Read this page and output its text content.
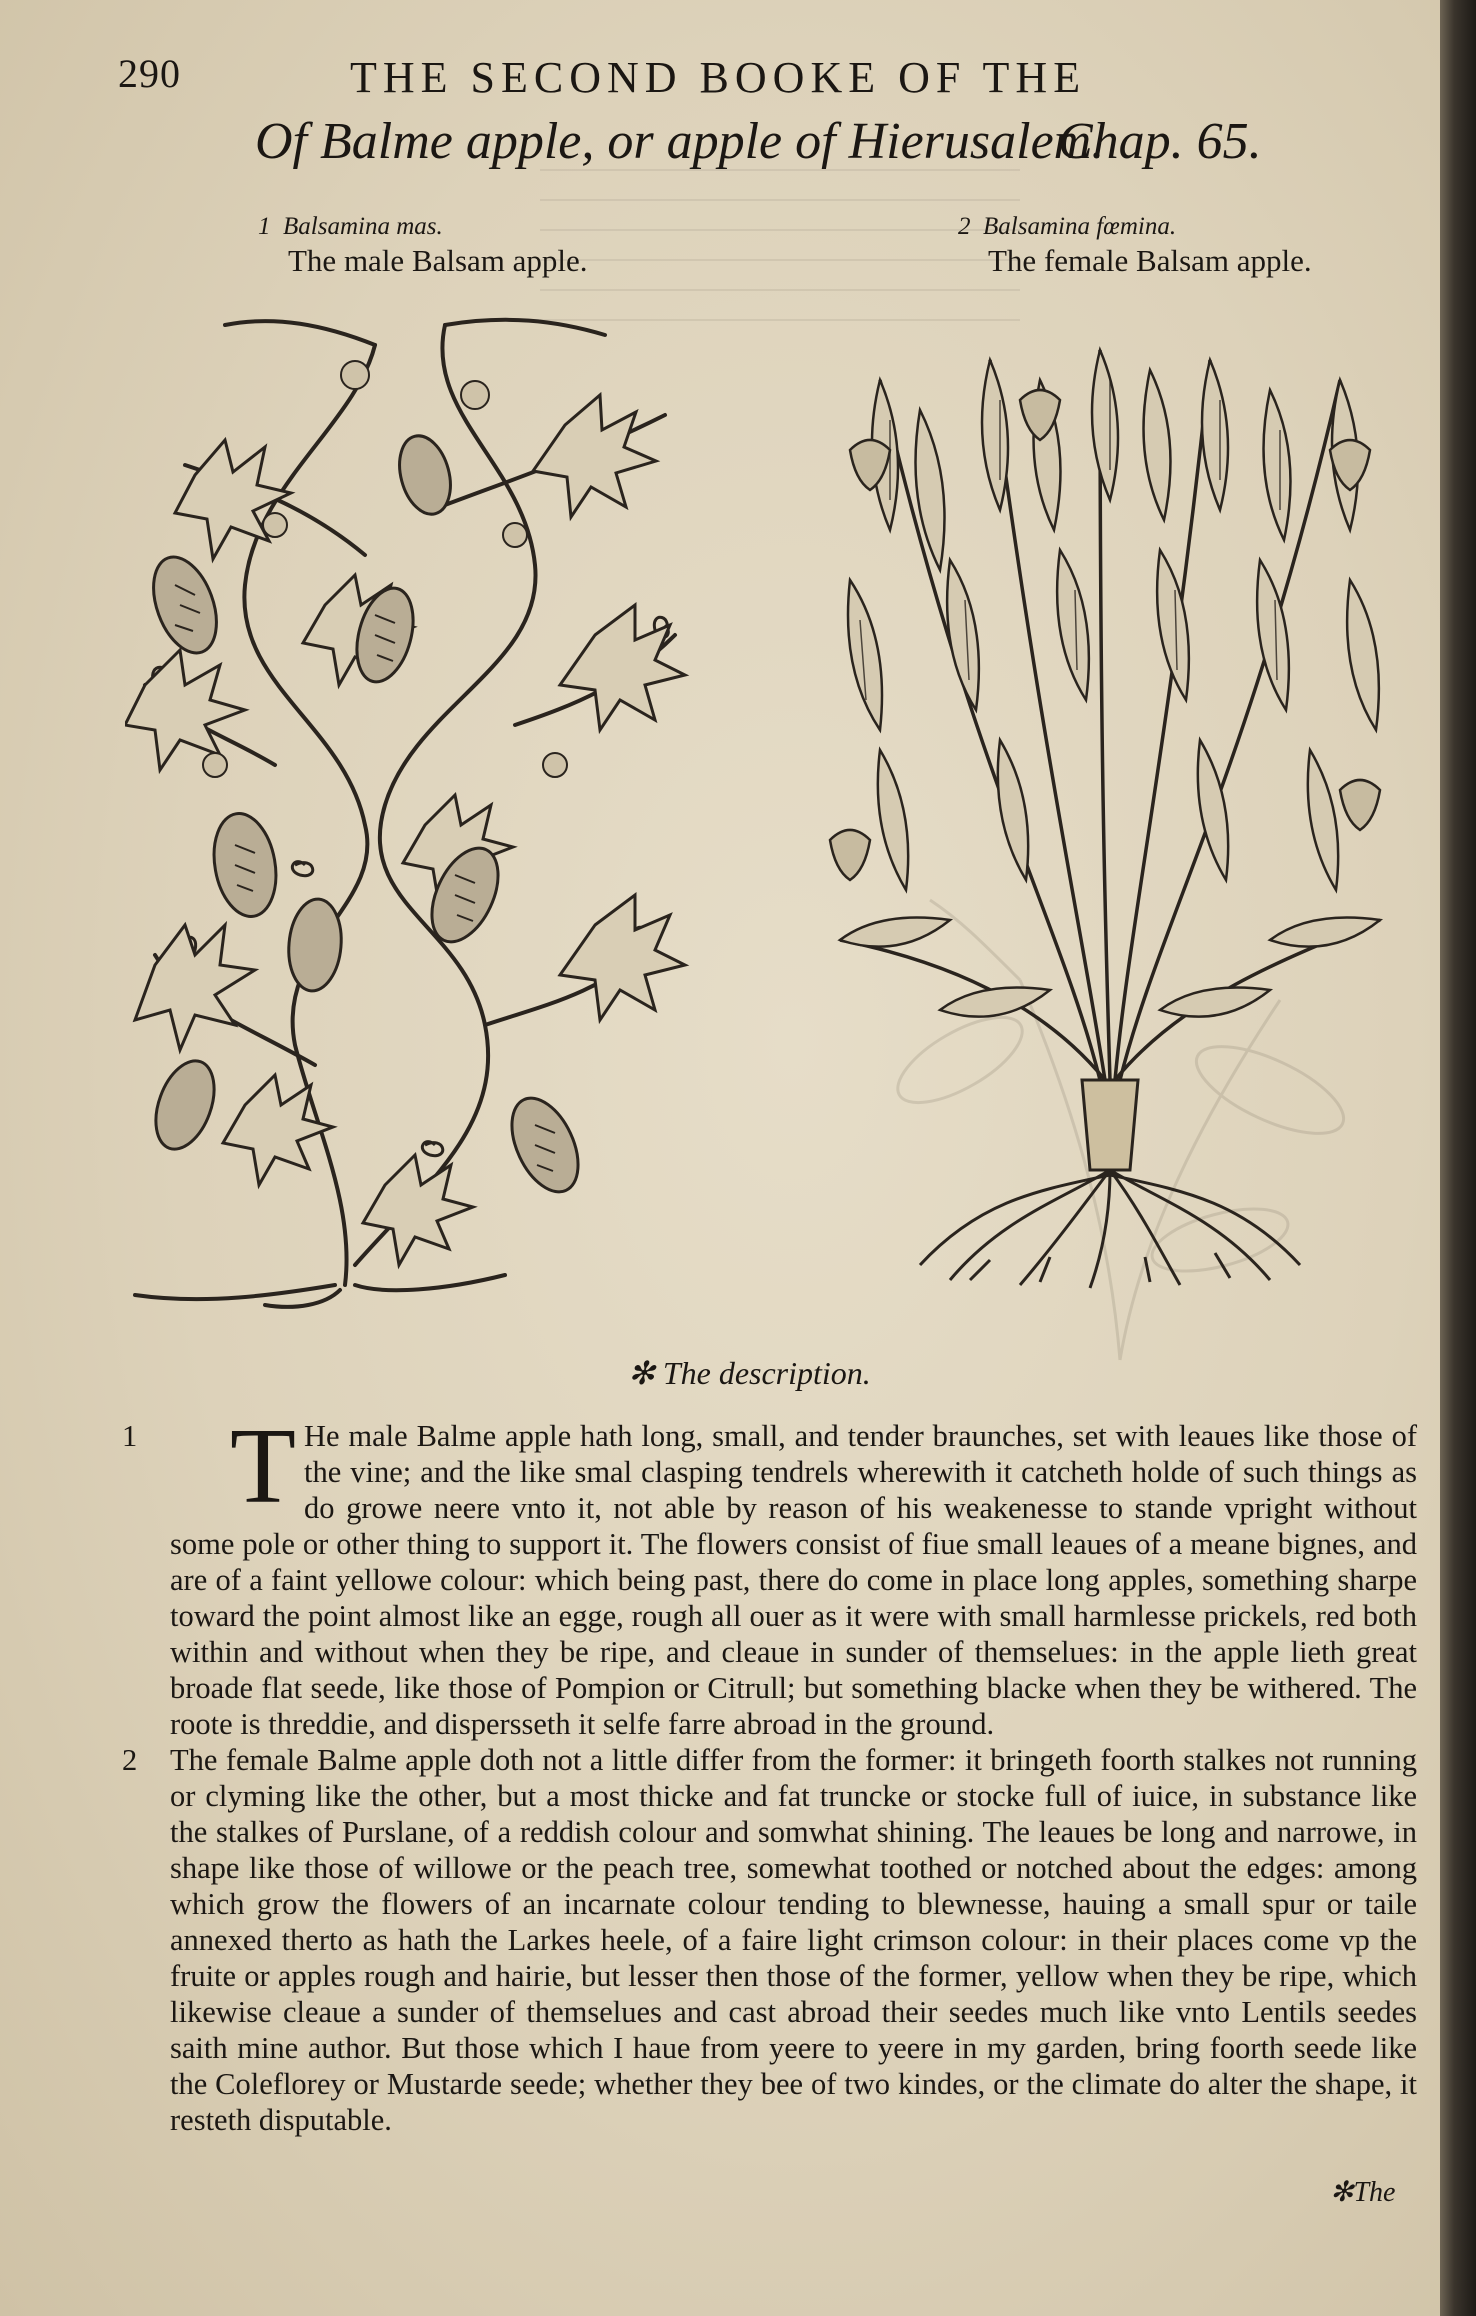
290	THE SECOND BOOKE OF THE
Of Balme apple, or apple of Hierusalem.
Chap. 65.
1 Balsamina mas.
The male Balsam apple.
2 Balsamina fœmina.
The female Balsam apple.
✻ The description.

1 T He male Balme apple hath long, small, and tender braunches, set with leaues like those of the vine; and the like smal clasping tendrels wherewith it catcheth holde of such things as do growe neere vnto it, not able by reason of his weakenesse to stande vpright without some pole or other thing to support it. The flowers consist of fiue small leaues of a meane bignes, and are of a faint yellowe colour: which being past, there do come in place long apples, something sharpe toward the point almost like an egge, rough all ouer as it were with small harmlesse prickels, red both within and without when they be ripe, and cleaue in sunder of themselues: in the apple lieth great broade flat seede, like those of Pompion or Citrull; but something blacke when they be withered. The roote is threddie, and dispersseth it selfe farre abroad in the ground.

2 The female Balme apple doth not a little differ from the former: it bringeth foorth stalkes not running or clyming like the other, but a most thicke and fat truncke or stocke full of iuice, in substance like the stalkes of Purslane, of a reddish colour and somwhat shining. The leaues be long and narrowe, in shape like those of willowe or the peach tree, somewhat toothed or notched about the edges: among which grow the flowers of an incarnate colour tending to blewnesse, hauing a small spur or taile annexed therto as hath the Larkes heele, of a faire light crimson colour: in their places come vp the fruite or apples rough and hairie, but lesser then those of the former, yellow when they be ripe, which likewise cleaue a sunder of themselues and cast abroad their seedes much like vnto Lentils seedes saith mine author. But those which I haue from yeere to yeere in my garden, bring foorth seede like the Coleflorey or Mustarde seede; whether they bee of two kindes, or the climate do alter the shape, it resteth disputable.

✻The
